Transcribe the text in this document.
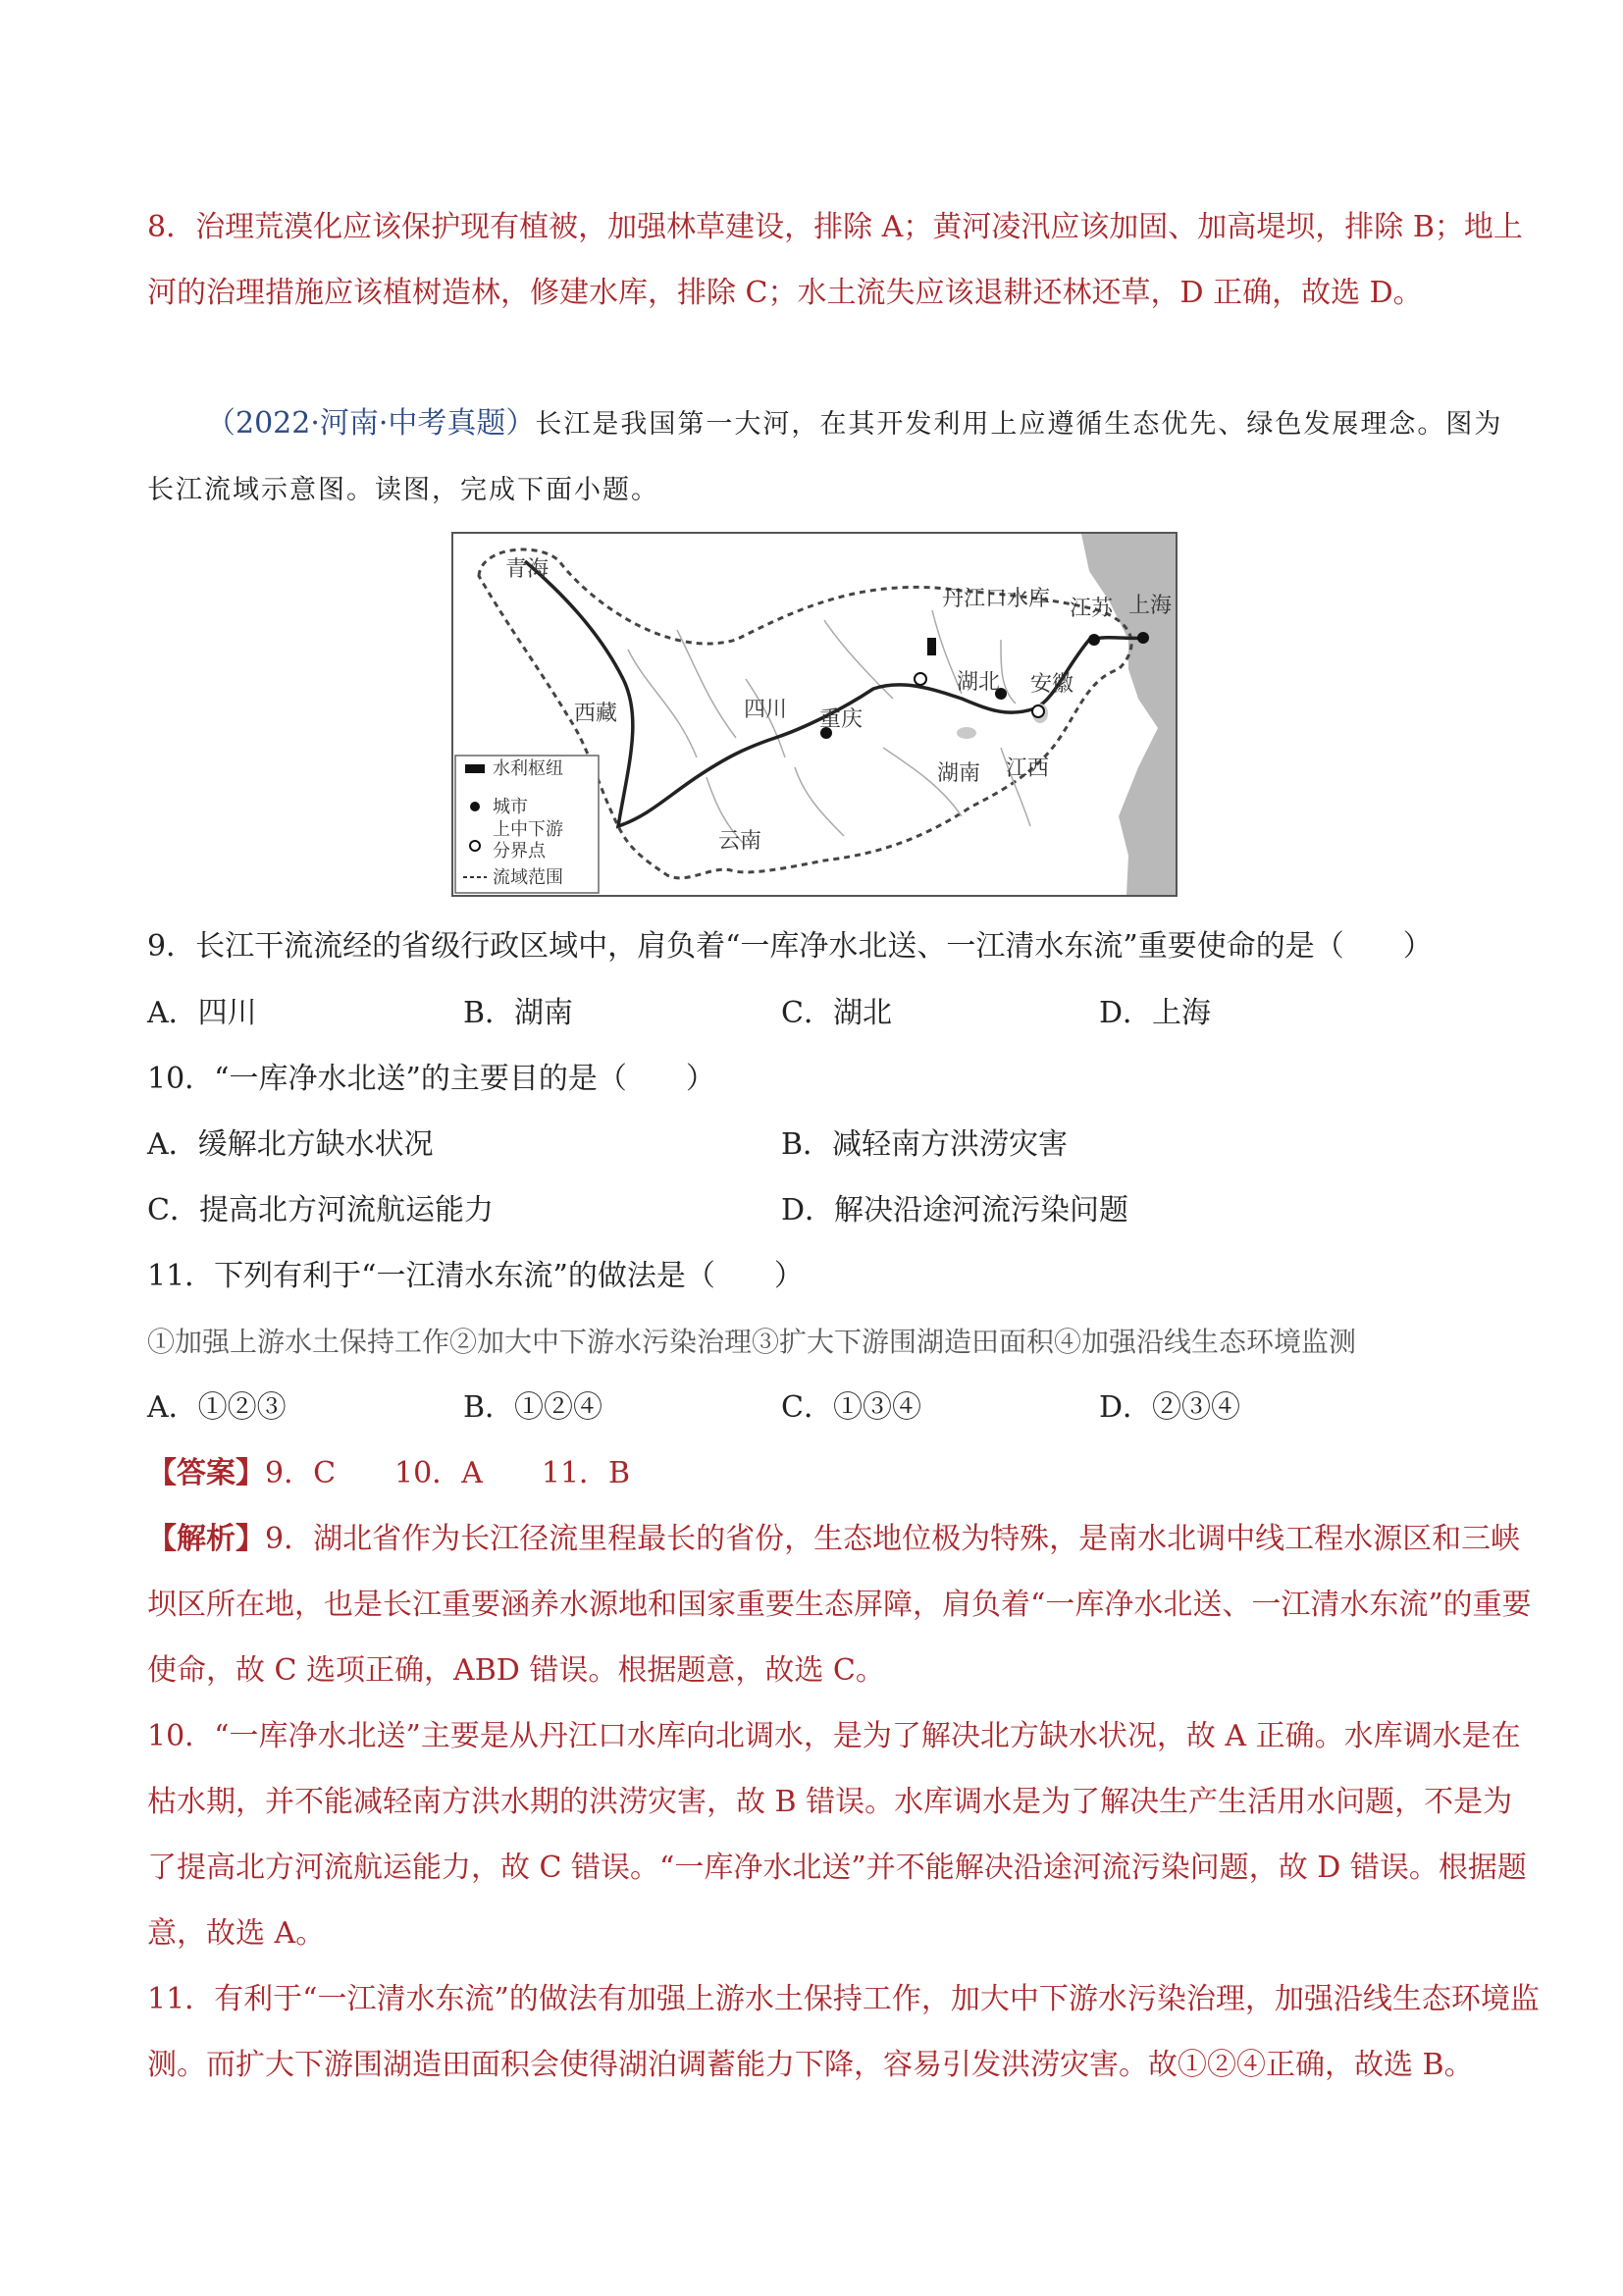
8．治理荒漠化应该保护现有植被，加强林草建设，排除 A；黄河凌汛应该加固、加高堤坝，排除 B；地上
河的治理措施应该植树造林，修建水库，排除 C；水土流失应该退耕还林还草，D 正确，故选 D。
（2022·河南·中考真题）长江是我国第一大河，在其开发利用上应遵循生态优先、绿色发展理念。图为
长江流域示意图。读图，完成下面小题。
青海
丹江口水库 江苏 上海
西藏	四川 重庆
湖北 安徽
湖南 江西
云南
水利枢纽
城市
上中下游
分界点
流域范围
9．长江干流流经的省级行政区域中，肩负着“一库净水北送、一江清水东流”重要使命的是（　　）
A．四川	B．湖南	C．湖北	D．上海
10．“一库净水北送”的主要目的是（　　）
A．缓解北方缺水状况	B．减轻南方洪涝灾害
C．提高北方河流航运能力	D．解决沿途河流污染问题
11．下列有利于“一江清水东流”的做法是（　　）
①加强上游水土保持工作②加大中下游水污染治理③扩大下游围湖造田面积④加强沿线生态环境监测
A．①②③	B．①②④	C．①③④	D．②③④
【答案】9．C　　10．A　　11．B
【解析】9．湖北省作为长江径流里程最长的省份，生态地位极为特殊，是南水北调中线工程水源区和三峡
坝区所在地，也是长江重要涵养水源地和国家重要生态屏障，肩负着“一库净水北送、一江清水东流”的重要
使命，故 C 选项正确，ABD 错误。根据题意，故选 C。
10．“一库净水北送”主要是从丹江口水库向北调水，是为了解决北方缺水状况，故 A 正确。水库调水是在
枯水期，并不能减轻南方洪水期的洪涝灾害，故 B 错误。水库调水是为了解决生产生活用水问题，不是为
了提高北方河流航运能力，故 C 错误。“一库净水北送”并不能解决沿途河流污染问题，故 D 错误。根据题
意，故选 A。
11．有利于“一江清水东流”的做法有加强上游水土保持工作，加大中下游水污染治理，加强沿线生态环境监
测。而扩大下游围湖造田面积会使得湖泊调蓄能力下降，容易引发洪涝灾害。故①②④正确，故选 B。
